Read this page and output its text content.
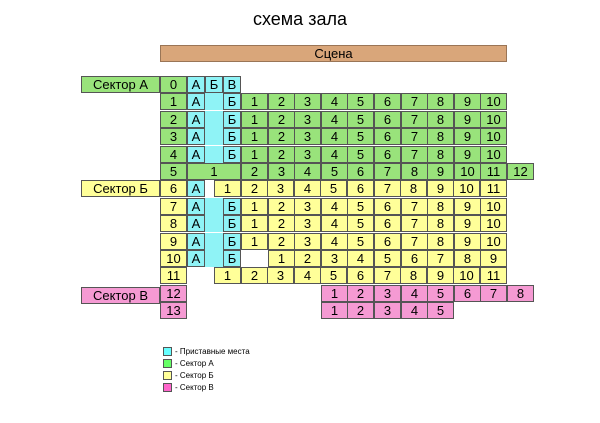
схема зала
Сцена
Сектор А
Сектор Б
Сектор В
0	А Б В
1	А	Б	1	2	3	4	5	6	7	8	9	10
2	А	Б	1	2	3	4	5	6	7	8	9	10
3	А	Б	1	2	3	4	5	6	7	8	9	10
4	А	Б	1	2	3	4	5	6	7	8	9	10
5	1	2	3	4	5	6	7	8	9	10 11	12
6	А	1	2	3	4	5	6	7	8	9	10	11
7	А	Б	1	2	3	4	5	6	7	8	9	10
8	А	Б	1	2	3	4	5	6	7	8	9	10
9	А	Б	1	2	3	4	5	6	7	8	9	10
10 А	Б	1	2	3	4	5	6	7	8	9
11	1	2	3	4	5	6	7	8	9	10	11
12	1	2	3	4	5	6	7	8
13	1	2	3	4	5
- Приставные места
- Сектор А
- Сектор Б
- Сектор В
